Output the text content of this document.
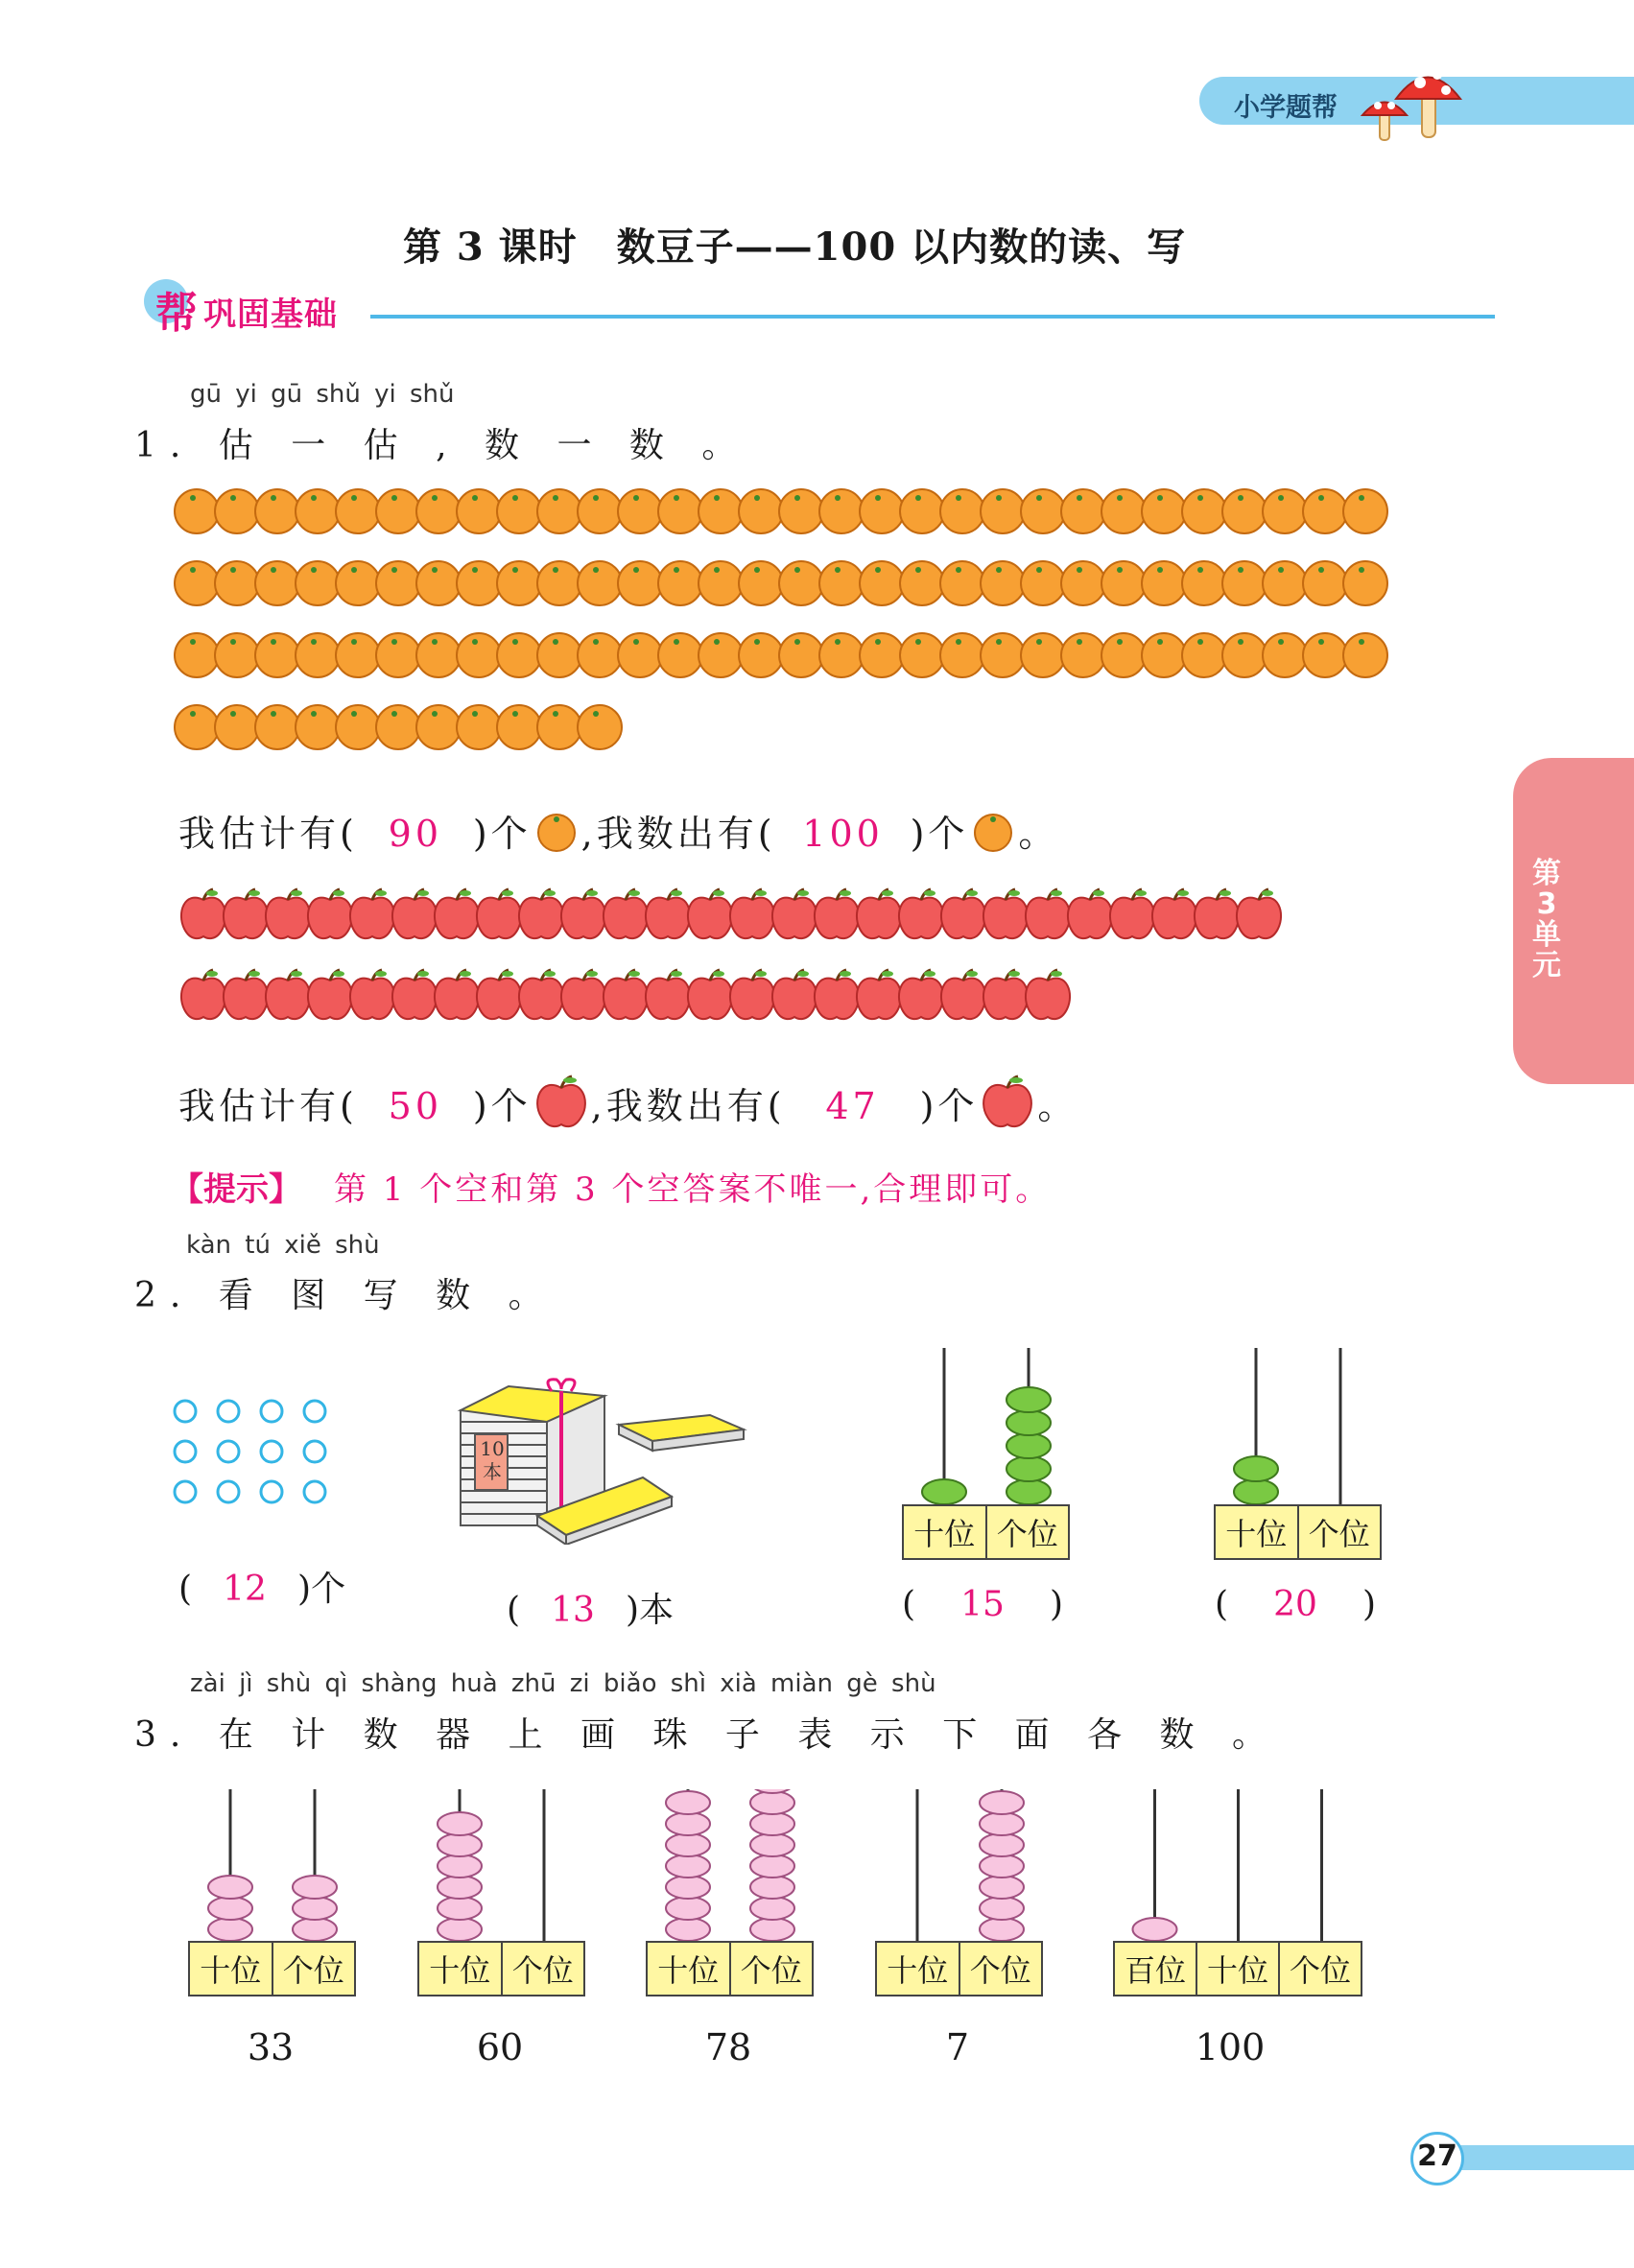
小学题帮
第 3 课时　数豆子——100 以内数的读、写
帮 巩固基础
第3单元
gū yi gū shǔ yi shǔ
1. 估 一 估 , 数 一 数 。
我估计有( 90 )个 ,我数出有( 100 )个 。
我估计有( 50 )个 ,我数出有( 47 )个 。
【提示】 第 1 个空和第 3 个空答案不唯一,合理即可。
kàn tú xiě shù
2. 看 图 写 数 。
10本
十位 个位	十位 个位
( 12 )个
( 13 )本	( 15 )	( 20 )
zài jì shù qì shàng huà zhū zi biǎo shì xià miàn gè shù
3. 在 计 数 器 上 画 珠 子 表 示 下 面 各 数 。
十位 个位	十位 个位	十位 个位	十位 个位	百位 十位 个位
33	60	78	7	100
27
